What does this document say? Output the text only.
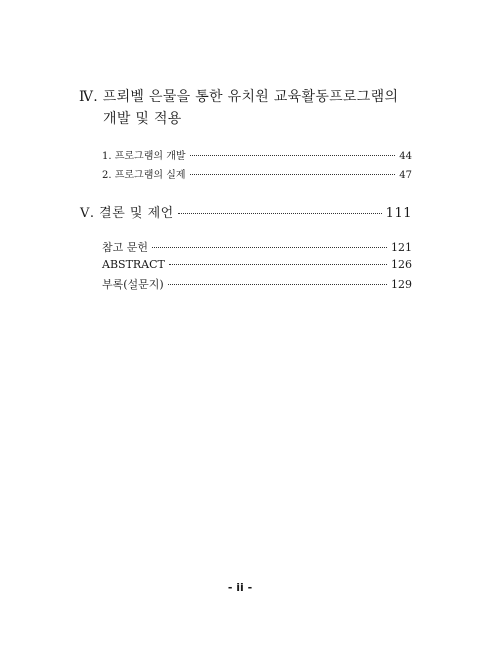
Ⅳ. 프뢰벨 은물을 통한 유치원 교육활동프로그램의
개발 및 적용
1. 프로그램의 개발	44
2. 프로그램의 실제	47
Ⅴ. 결론 및 제언	111
참고 문헌	121
ABSTRACT	126
부록(설문지)	129
- ii -
